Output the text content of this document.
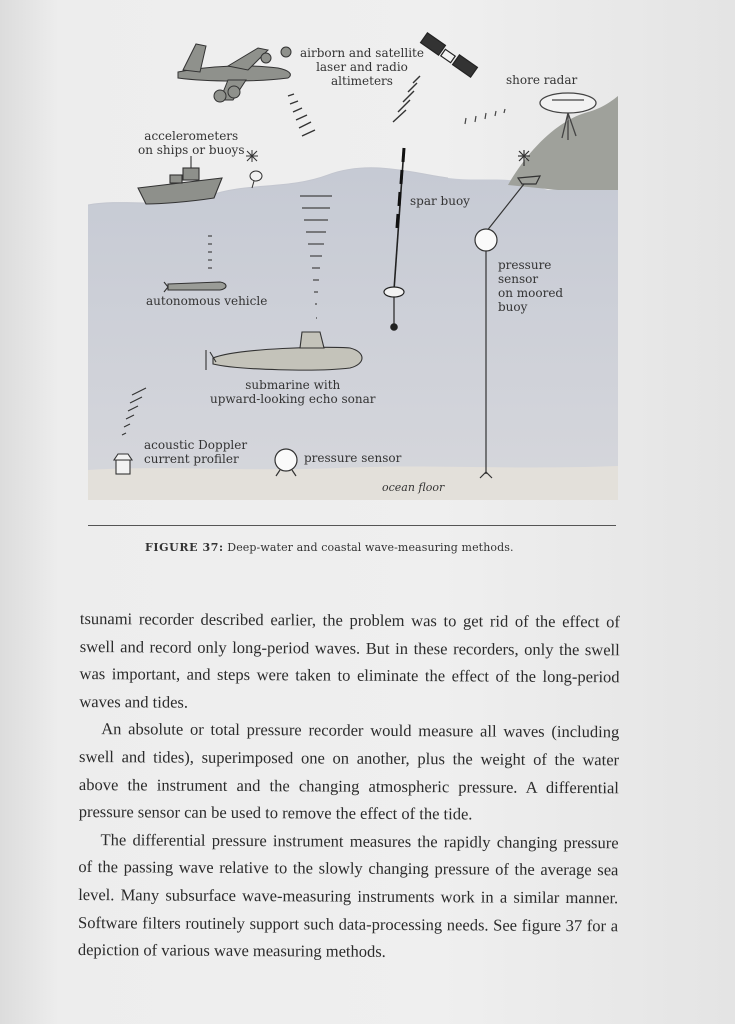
airborn and satellite
laser and radio
altimeters	shore radar
accelerometers
on ships or buoys
spar buoy
pressure
sensor
on moored
buoy
autonomous vehicle
submarine with
upward-looking echo sonar
acoustic Doppler
current profiler	pressure sensor
ocean floor
FIGURE 37: Deep-water and coastal wave-measuring methods.

tsunami recorder described earlier, the problem was to get rid of the effect of swell and record only long-period waves. But in these recorders, only the swell was important, and steps were taken to eliminate the effect of the long-period waves and tides.

An absolute or total pressure recorder would measure all waves (including swell and tides), superimposed one on another, plus the weight of the water above the instrument and the changing atmospheric pressure. A differential pressure sensor can be used to remove the effect of the tide.

The differential pressure instrument measures the rapidly changing pressure of the passing wave relative to the slowly changing pressure of the average sea level. Many subsurface wave-measuring instruments work in a similar manner. Software filters routinely support such data-processing needs. See figure 37 for a depiction of various wave measuring methods.
